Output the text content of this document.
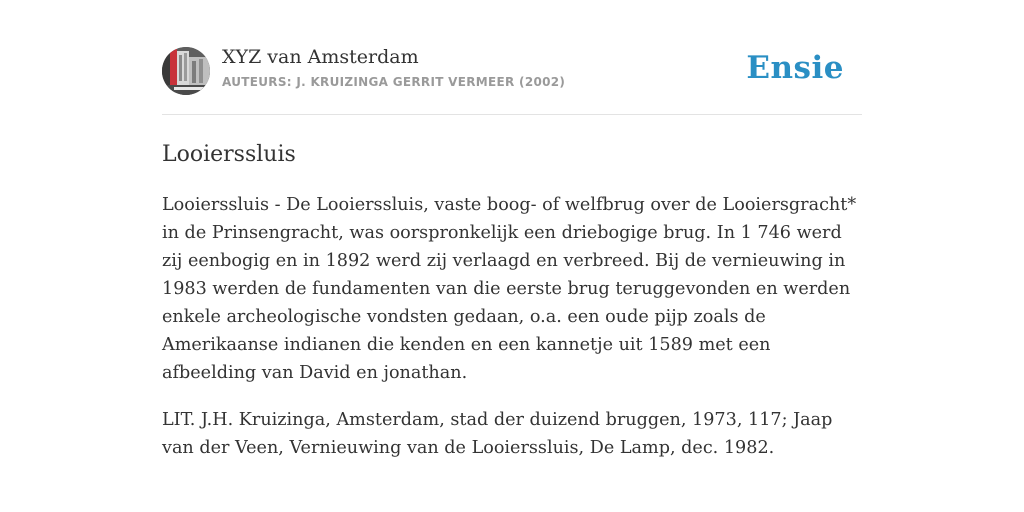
XYZ van Amsterdam
AUTEURS: J. KRUIZINGA GERRIT VERMEER (2002)	Ensie
Looierssluis

Looierssluis - De Looierssluis, vaste boog- of welfbrug over de Looiersgracht* in de Prinsengracht, was oorspronkelijk een driebogige brug. In 1 746 werd zij eenbogig en in 1892 werd zij verlaagd en verbreed. Bij de vernieuwing in 1983 werden de fundamenten van die eerste brug teruggevonden en werden enkele archeologische vondsten gedaan, o.a. een oude pijp zoals de Amerikaanse indianen die kenden en een kannetje uit 1589 met een afbeelding van David en jonathan.

LIT. J.H. Kruizinga, Amsterdam, stad der duizend bruggen, 1973, 117; Jaap van der Veen, Vernieuwing van de Looierssluis, De Lamp, dec. 1982.
